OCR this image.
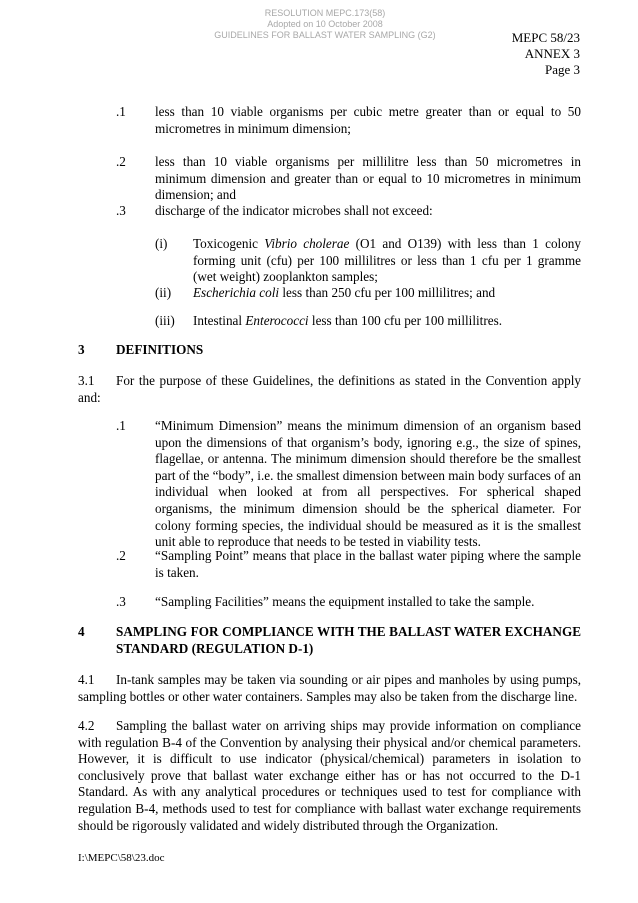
RESOLUTION MEPC.173(58)
Adopted on 10 October 2008
GUIDELINES FOR BALLAST WATER SAMPLING (G2)	MEPC 58/23
ANNEX 3
Page 3
.1 less than 10 viable organisms per cubic metre greater than or equal to 50 micrometres in minimum dimension;
.2 less than 10 viable organisms per millilitre less than 50 micrometres in minimum dimension and greater than or equal to 10 micrometres in minimum dimension; and
.3 discharge of the indicator microbes shall not exceed:
(i) Toxicogenic Vibrio cholerae (O1 and O139) with less than 1 colony forming unit (cfu) per 100 millilitres or less than 1 cfu per 1 gramme (wet weight) zooplankton samples;
(ii) Escherichia coli less than 250 cfu per 100 millilitres; and
(iii) Intestinal Enterococci less than 100 cfu per 100 millilitres.
3 DEFINITIONS
3.1 For the purpose of these Guidelines, the definitions as stated in the Convention apply and:
.1 “Minimum Dimension” means the minimum dimension of an organism based upon the dimensions of that organism’s body, ignoring e.g., the size of spines, flagellae, or antenna. The minimum dimension should therefore be the smallest part of the “body”, i.e. the smallest dimension between main body surfaces of an individual when looked at from all perspectives. For spherical shaped organisms, the minimum dimension should be the spherical diameter. For colony forming species, the individual should be measured as it is the smallest unit able to reproduce that needs to be tested in viability tests.
.2 “Sampling Point” means that place in the ballast water piping where the sample is taken.
.3 “Sampling Facilities” means the equipment installed to take the sample.
4 SAMPLING FOR COMPLIANCE WITH THE BALLAST WATER EXCHANGE STANDARD (REGULATION D-1)
4.1 In-tank samples may be taken via sounding or air pipes and manholes by using pumps, sampling bottles or other water containers. Samples may also be taken from the discharge line.
4.2 Sampling the ballast water on arriving ships may provide information on compliance with regulation B-4 of the Convention by analysing their physical and/or chemical parameters. However, it is difficult to use indicator (physical/chemical) parameters in isolation to conclusively prove that ballast water exchange either has or has not occurred to the D-1 Standard. As with any analytical procedures or techniques used to test for compliance with regulation B-4, methods used to test for compliance with ballast water exchange requirements should be rigorously validated and widely distributed through the Organization.
I:\MEPC\58\23.doc
